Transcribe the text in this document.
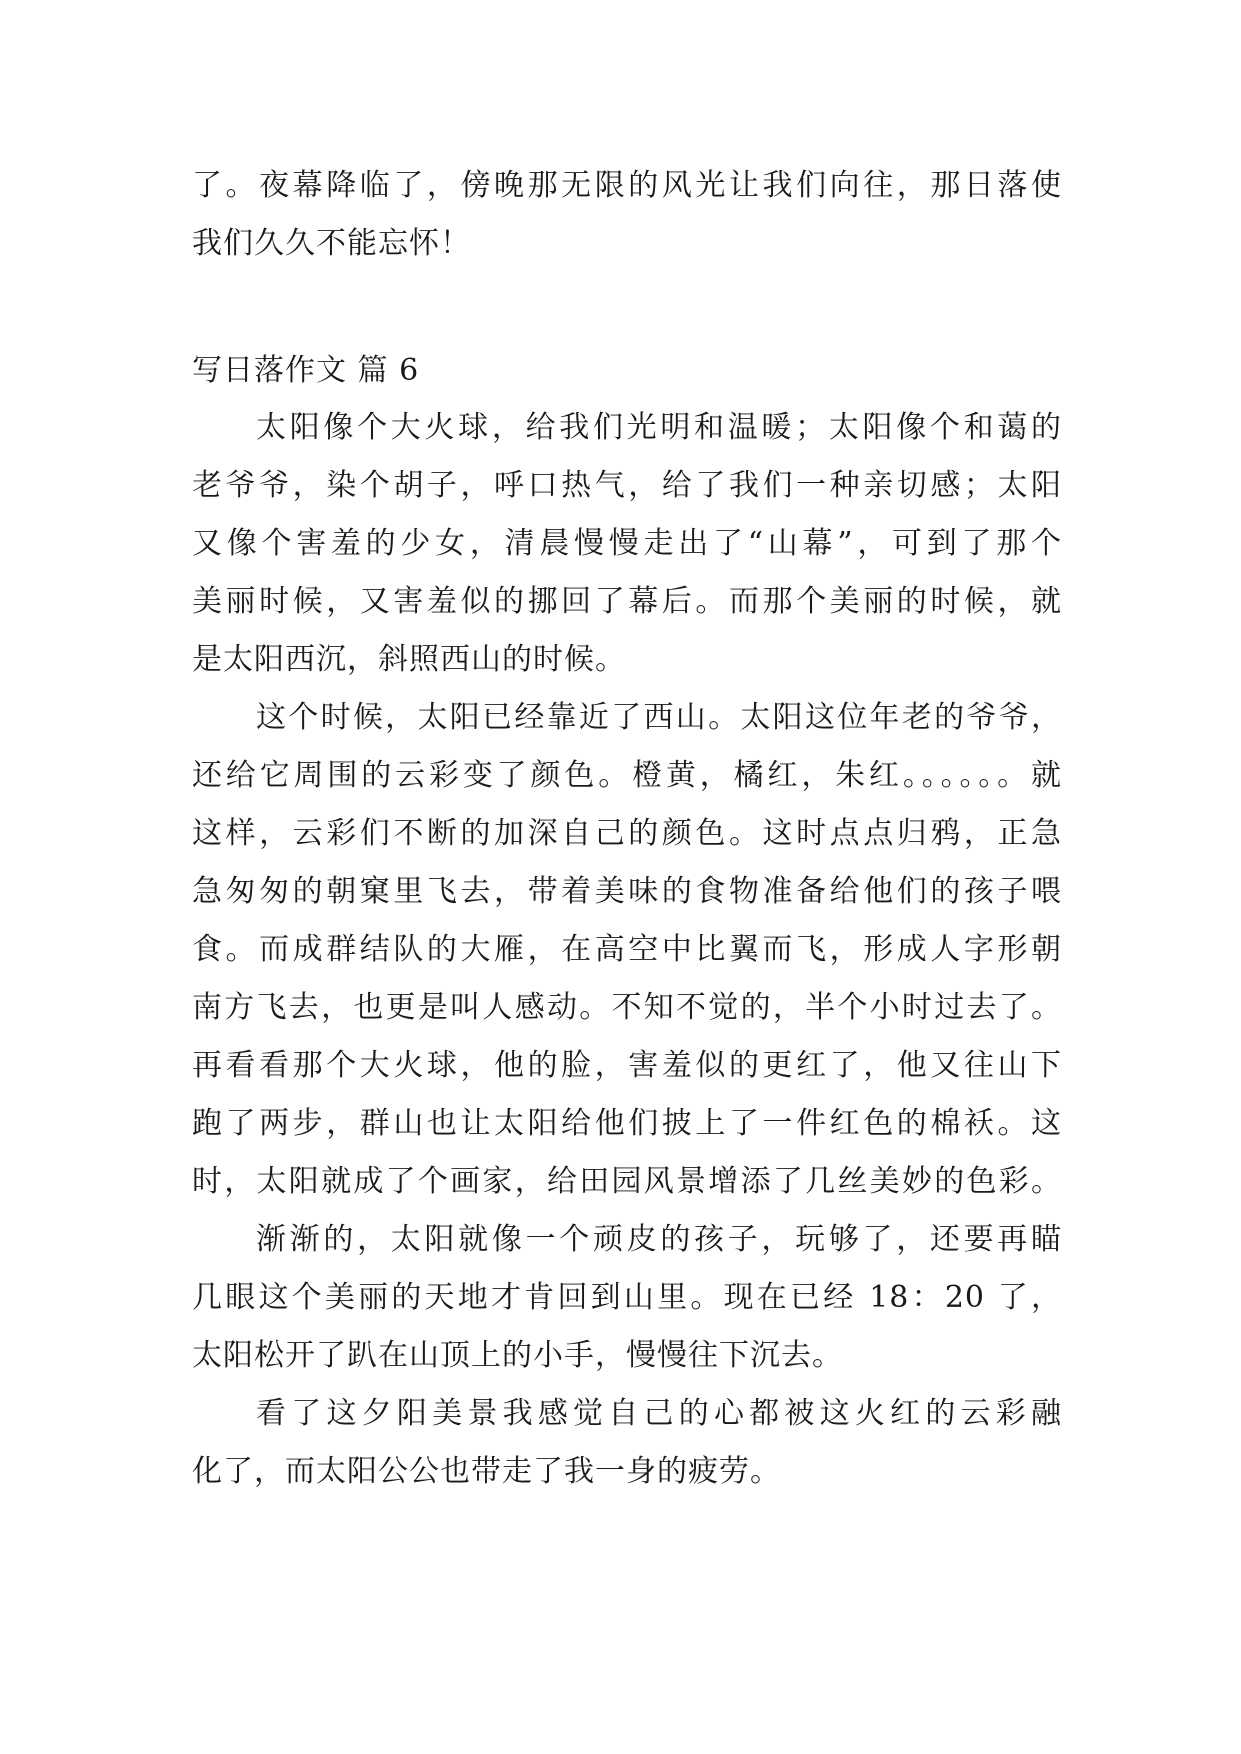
了。夜幕降临了，傍晚那无限的风光让我们向往，那日落使
我们久久不能忘怀！
写日落作文 篇 6
太阳像个大火球，给我们光明和温暖；太阳像个和蔼的
老爷爷，染个胡子，呼口热气，给了我们一种亲切感；太阳
又像个害羞的少女，清晨慢慢走出了“山幕”，可到了那个
美丽时候，又害羞似的挪回了幕后。而那个美丽的时候，就
是太阳西沉，斜照西山的时候。
这个时候，太阳已经靠近了西山。太阳这位年老的爷爷，
还给它周围的云彩变了颜色。橙黄，橘红，朱红。。。。。。就
这样，云彩们不断的加深自己的颜色。这时点点归鸦，正急
急匆匆的朝窠里飞去，带着美味的食物准备给他们的孩子喂
食。而成群结队的大雁，在高空中比翼而飞，形成人字形朝
南方飞去，也更是叫人感动。不知不觉的，半个小时过去了。
再看看那个大火球，他的脸，害羞似的更红了，他又往山下
跑了两步，群山也让太阳给他们披上了一件红色的棉袄。这
时，太阳就成了个画家，给田园风景增添了几丝美妙的色彩。
渐渐的，太阳就像一个顽皮的孩子，玩够了，还要再瞄
几眼这个美丽的天地才肯回到山里。现在已经 18：20 了，
太阳松开了趴在山顶上的小手，慢慢往下沉去。
看了这夕阳美景我感觉自己的心都被这火红的云彩融
化了，而太阳公公也带走了我一身的疲劳。
